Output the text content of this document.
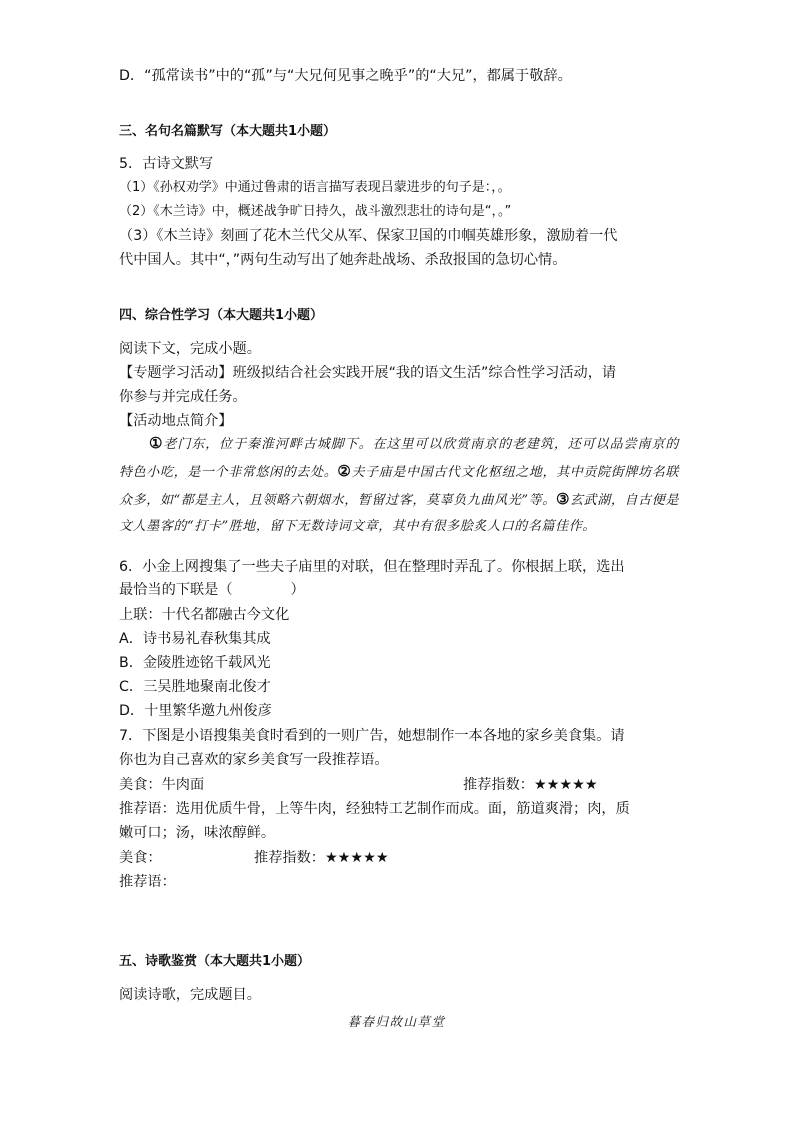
D．“孤常读书”中的“孤”与“大兄何见事之晚乎”的“大兄”，都属于敬辞。
三、名句名篇默写（本大题共1小题）
5．古诗文默写
（1）《孙权劝学》中通过鲁肃的语言描写表现吕蒙进步的句子是：，。
（2）《木兰诗》中，概述战争旷日持久，战斗激烈悲壮的诗句是“，。”
（3）《木兰诗》刻画了花木兰代父从军、保家卫国的巾帼英雄形象，激励着一代
代中国人。其中“，”两句生动写出了她奔赴战场、杀敌报国的急切心情。
四、综合性学习（本大题共1小题）
阅读下文，完成小题。
【专题学习活动】班级拟结合社会实践开展“我的语文生活”综合性学习活动，请
你参与并完成任务。
【活动地点简介】
①老门东，位于秦淮河畔古城脚下。在这里可以欣赏南京的老建筑，还可以品尝南京的特色小吃，是一个非常悠闲的去处。②夫子庙是中国古代文化枢纽之地，其中贡院街牌坊名联众多，如“都是主人，且领略六朝烟水，暂留过客，莫辜负九曲风光”等。③玄武湖，自古便是文人墨客的“打卡”胜地，留下无数诗词文章，其中有很多脍炙人口的名篇佳作。
6．小金上网搜集了一些夫子庙里的对联，但在整理时弄乱了。你根据上联，选出
最恰当的下联是（	）
上联：十代名都融古今文化
A．诗书易礼春秋集其成
B．金陵胜迹铭千载风光
C．三吴胜地聚南北俊才
D．十里繁华邀九州俊彦
7．下图是小语搜集美食时看到的一则广告，她想制作一本各地的家乡美食集。请
你也为自己喜欢的家乡美食写一段推荐语。
美食：牛肉面	推荐指数：★★★★★
推荐语：选用优质牛骨，上等牛肉，经独特工艺制作而成。面，筋道爽滑；肉，质
嫩可口；汤，味浓醇鲜。
美食：	推荐指数：★★★★★
推荐语：
五、诗歌鉴赏（本大题共1小题）
阅读诗歌，完成题目。
暮春归故山草堂
